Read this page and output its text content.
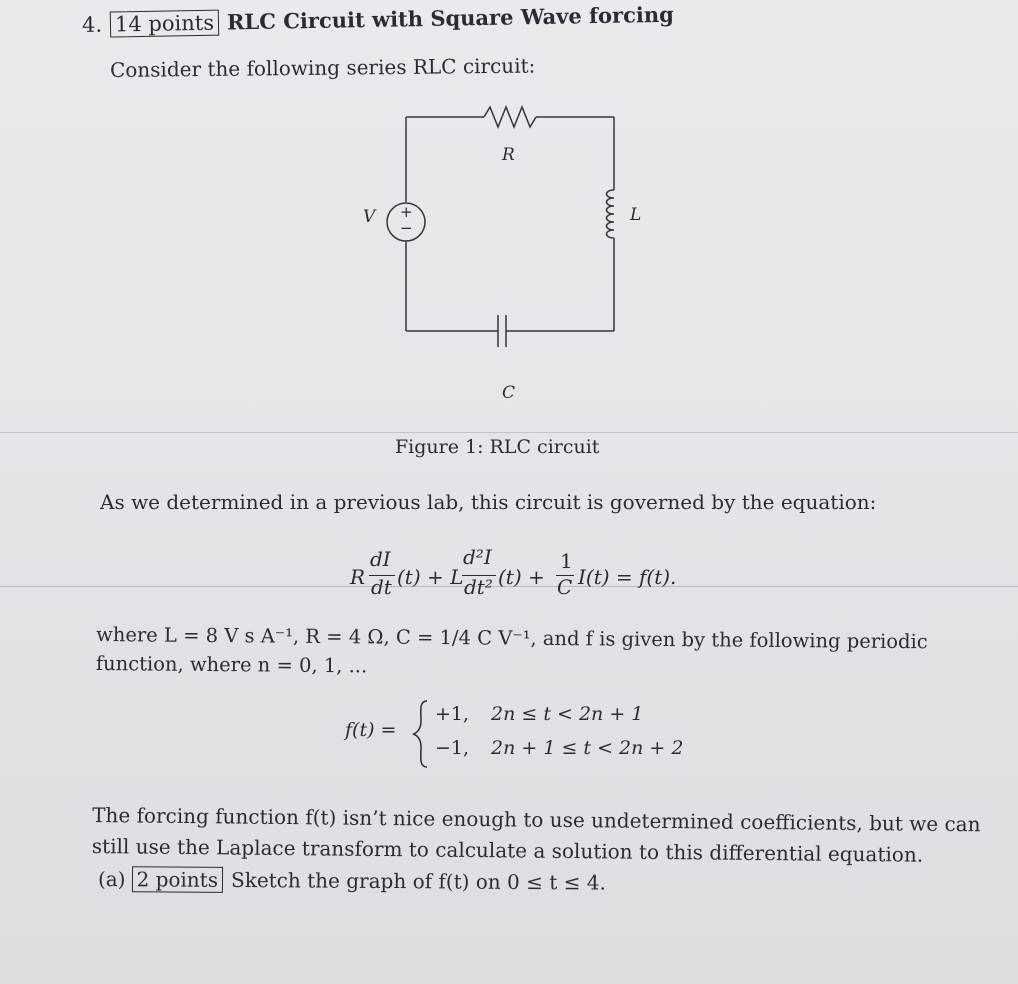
4. 14 points RLC Circuit with Square Wave forcing
Consider the following series RLC circuit:
R
V	L
C
+
−
Figure 1: RLC circuit
As we determined in a previous lab, this circuit is governed by the equation:
R
dI
dt (t) + L
d²I
dt² (t) +
1
C I(t) = f(t).
where L = 8 V s A⁻¹, R = 4 Ω, C = 1/4 C V⁻¹, and f is given by the following periodic
function, where n = 0, 1, ...
f(t) =
+1, 2n ≤ t < 2n + 1
−1, 2n + 1 ≤ t < 2n + 2
The forcing function f(t) isn’t nice enough to use undetermined coefficients, but we can
still use the Laplace transform to calculate a solution to this differential equation.
(a) 2 points Sketch the graph of f(t) on 0 ≤ t ≤ 4.
